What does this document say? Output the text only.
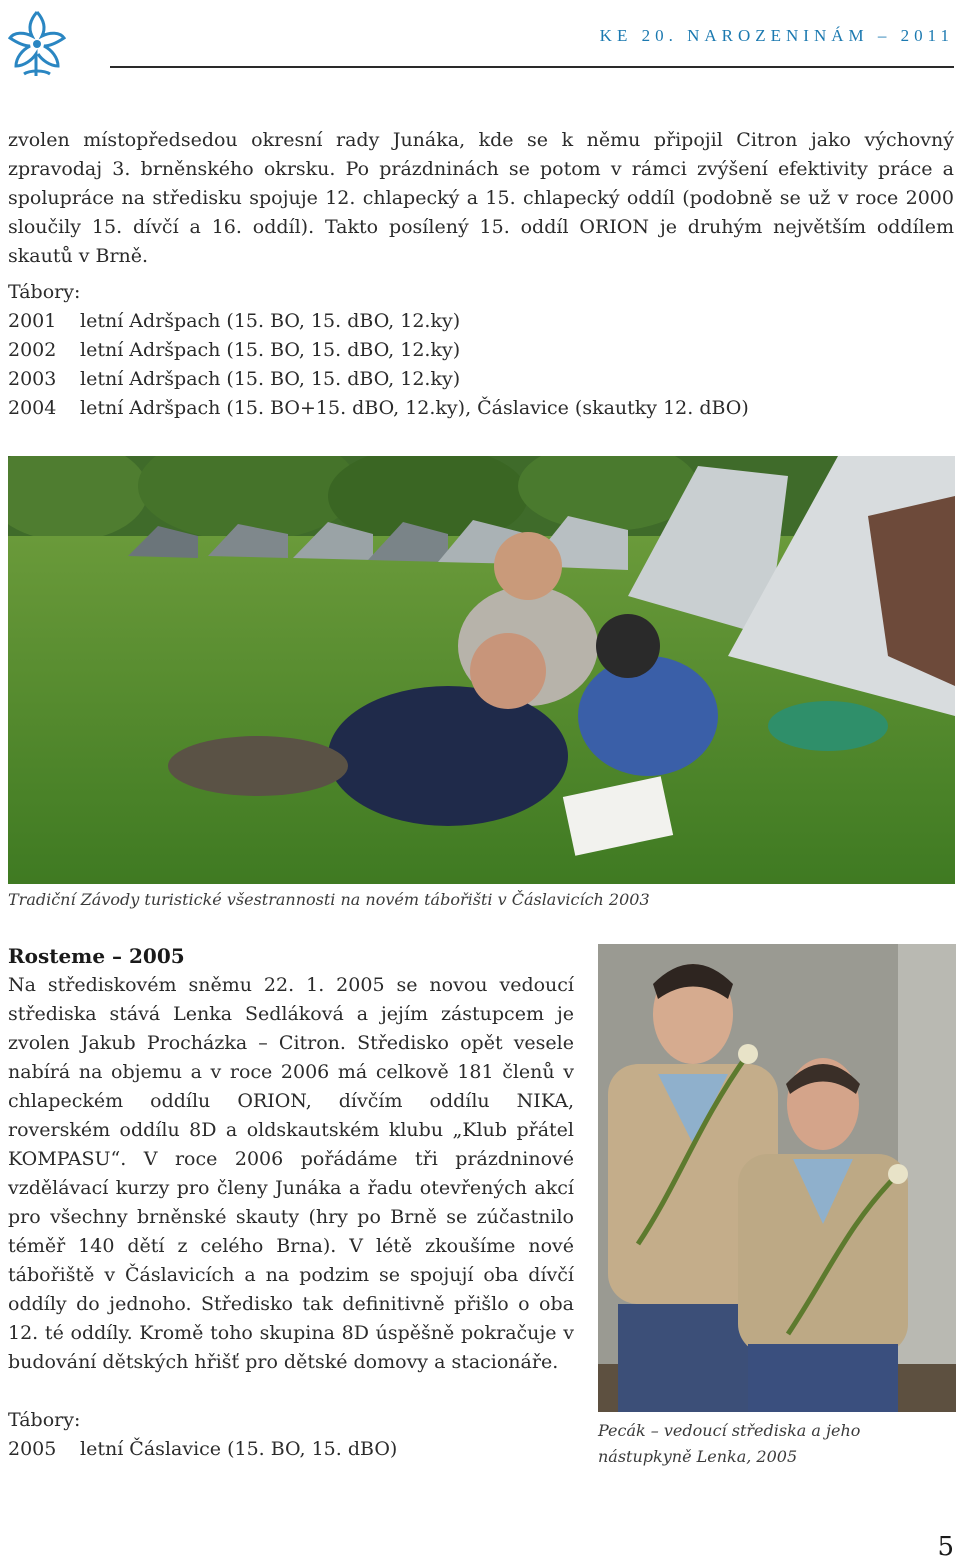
KE 20. NAROZENINÁM – 2011

zvolen místopředsedou okresní rady Junáka, kde se k němu připojil Citron jako výchovný zpravodaj 3. brněnského okrsku. Po prázdninách se potom v rámci zvýšení efektivity práce a spolupráce na středisku spojuje 12. chlapecký a 15. chlapecký oddíl (podobně se už v roce 2000 sloučily 15. dívčí a 16. oddíl). Takto posílený 15. oddíl ORION je druhým největším oddílem skautů v Brně.

Tábory:
2001	letní Adršpach (15. BO, 15. dBO, 12.ky)
2002	letní Adršpach (15. BO, 15. dBO, 12.ky)
2003	letní Adršpach (15. BO, 15. dBO, 12.ky)
2004	letní Adršpach (15. BO+15. dBO, 12.ky), Čáslavice (skautky 12. dBO)
Tradiční Závody turistické všestrannosti na novém tábořišti v Čáslavicích 2003
Rosteme – 2005

Na střediskovém sněmu 22. 1. 2005 se novou vedoucí střediska stává Lenka Sedláková a jejím zástupcem je zvolen Jakub Procházka – Citron. Středisko opět vesele nabírá na objemu a v roce 2006 má celkově 181 členů v chlapeckém oddílu ORION, dívčím oddílu NIKA, roverském oddílu 8D a oldskautském klubu „Klub přátel KOMPASU“. V roce 2006 pořádáme tři prázdninové vzdělávací kurzy pro členy Junáka a řadu otevřených akcí pro všechny brněnské skauty (hry po Brně se zúčastnilo téměř 140 dětí z celého Brna). V létě zkoušíme nové tábořiště v Čáslavicích a na podzim se spojují oba dívčí oddíly do jednoho. Středisko tak definitivně přišlo o oba 12. té oddíly. Kromě toho skupina 8D úspěšně pokračuje v budování dětských hřišť pro dětské domovy a stacionáře.

Tábory:
2005	letní Čáslavice (15. BO, 15. dBO)
Pecák – vedoucí střediska a jeho nástupkyně Lenka, 2005
5
